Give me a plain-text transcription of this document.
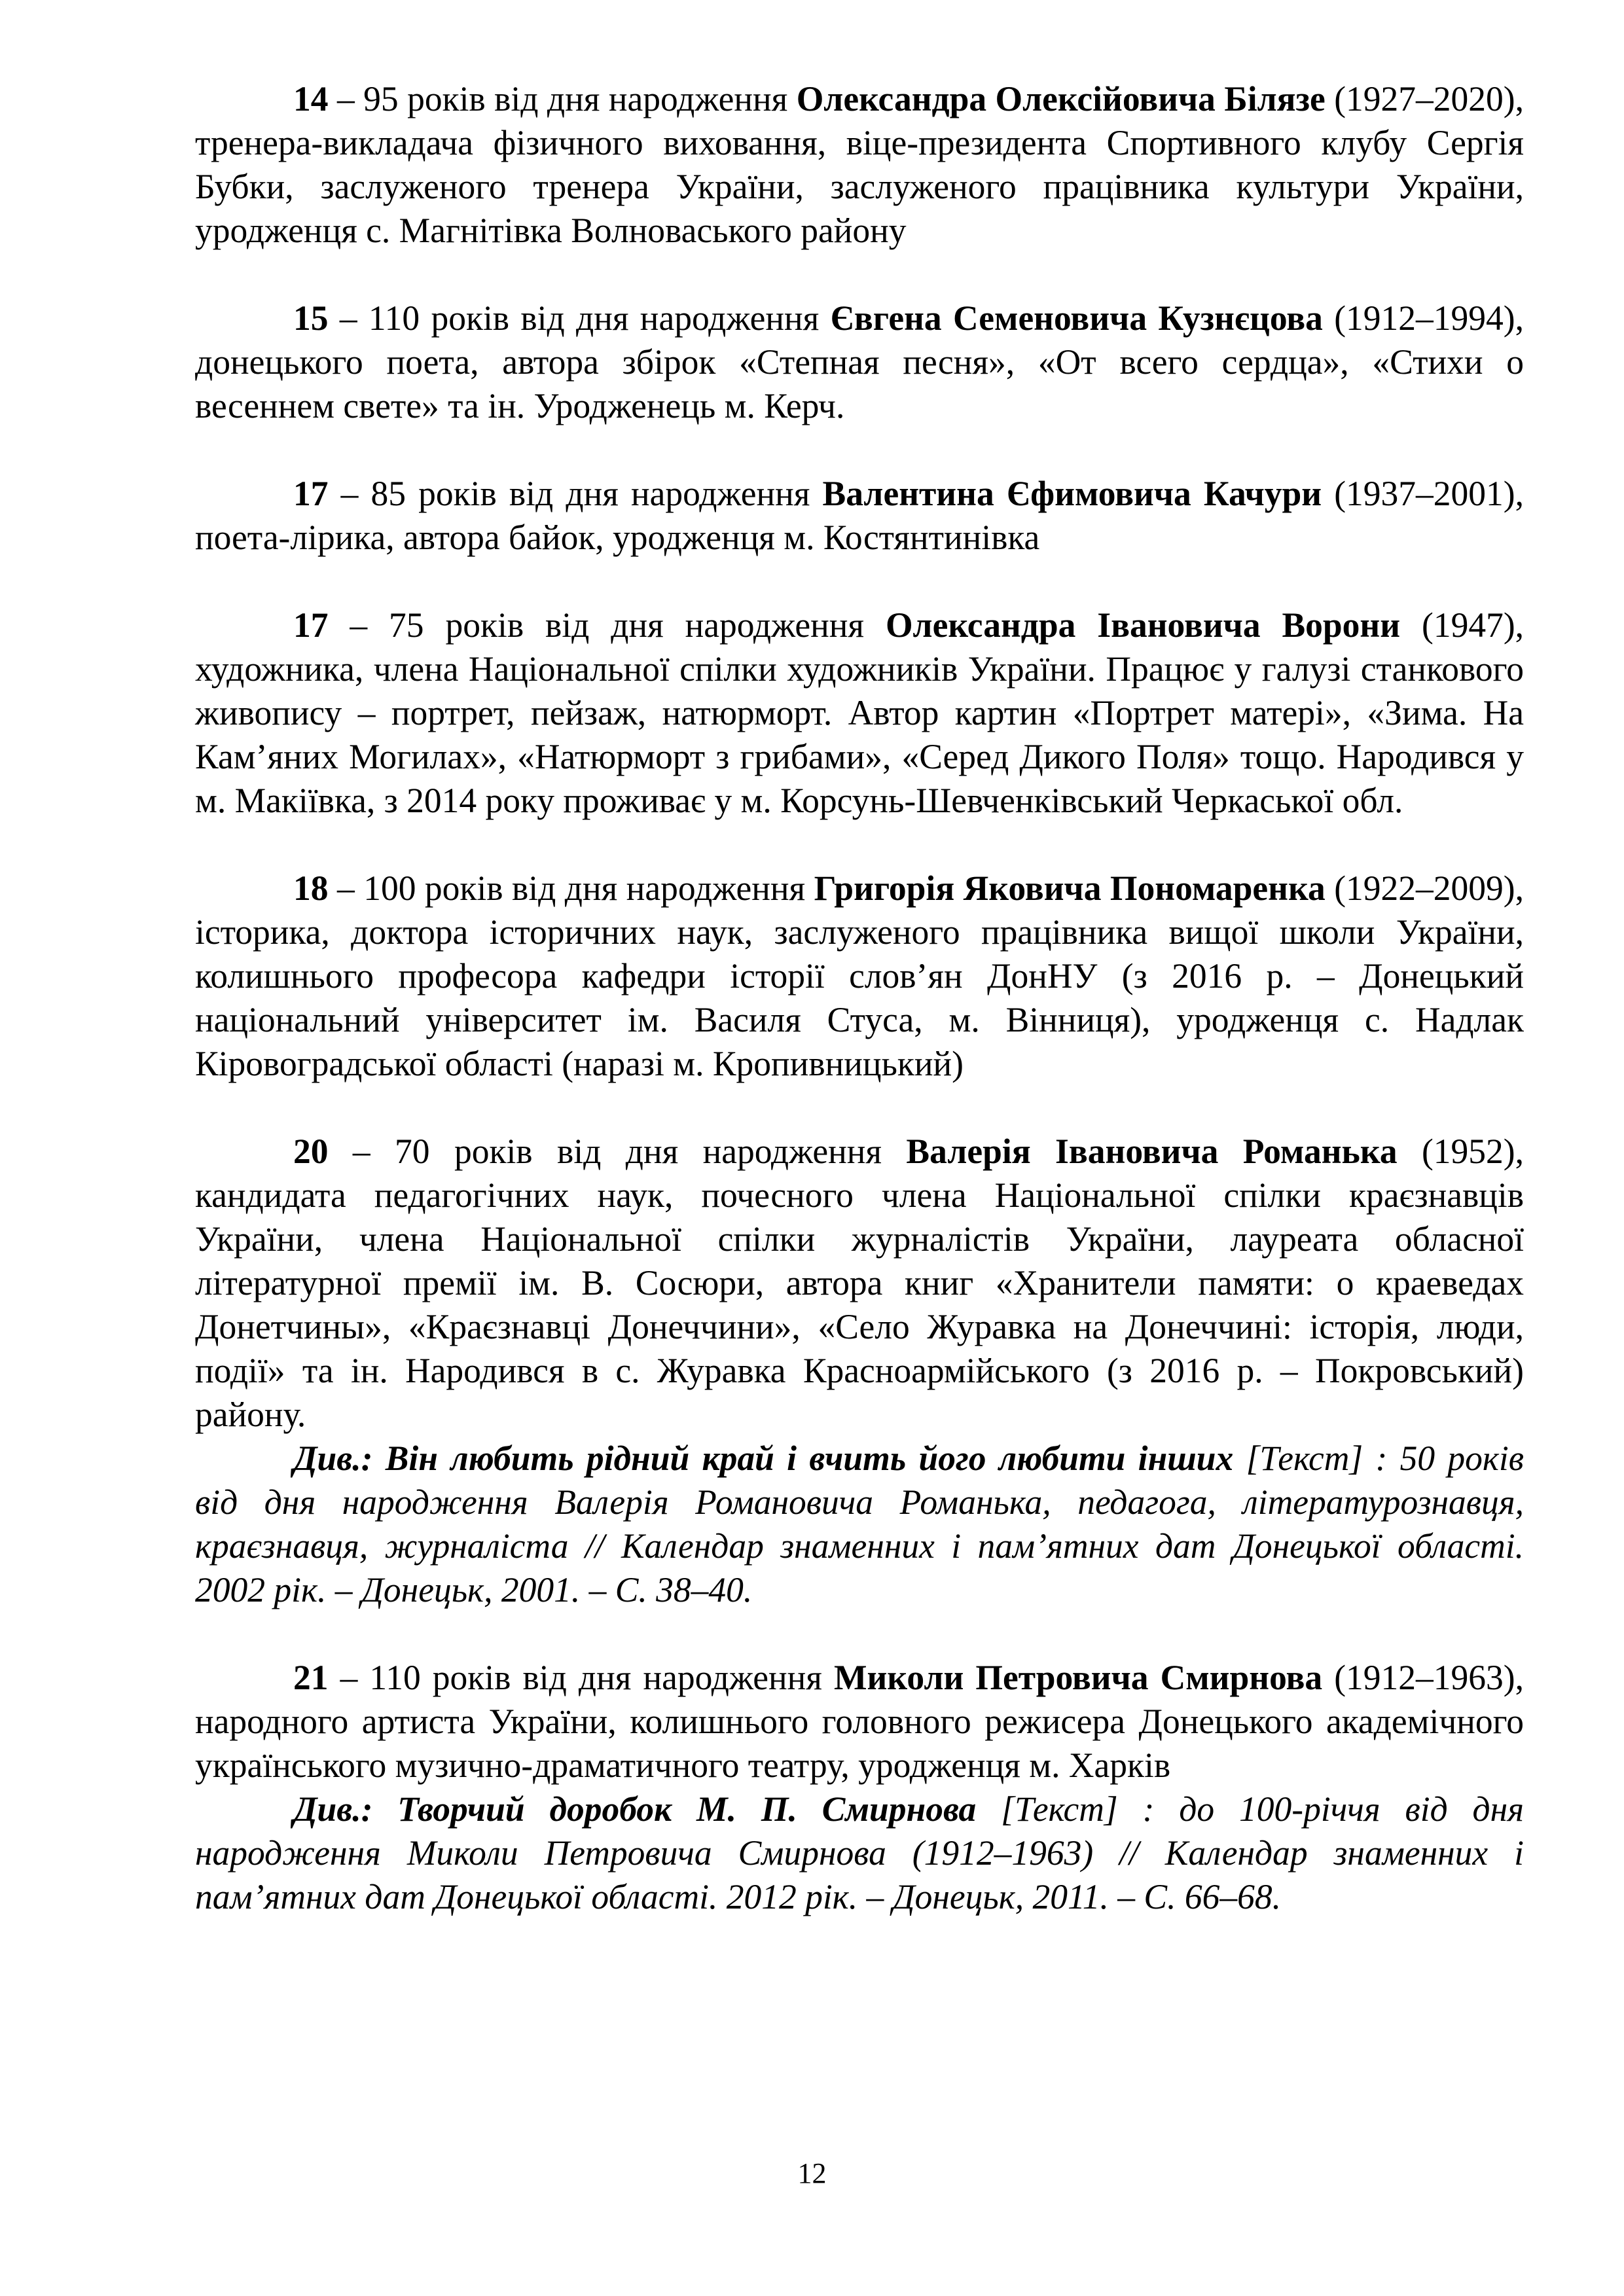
14 – 95 років від дня народження Олександра Олексійовича Білязе (1927–2020), тренера-викладача фізичного виховання, віце-президента Спортивного клубу Сергія Бубки, заслуженого тренера України, заслуженого працівника культури України, уродженця с. Магнітівка Волноваського району

15 – 110 років від дня народження Євгена Семеновича Кузнєцова (1912–1994), донецького поета, автора збірок «Степная песня», «От всего сердца», «Стихи о весеннем свете» та ін. Уродженець м. Керч.

17 – 85 років від дня народження Валентина Єфимовича Качури (1937–2001), поета-лірика, автора байок, уродженця м. Костянтинівка

17 – 75 років від дня народження Олександра Івановича Ворони (1947), художника, члена Національної спілки художників України. Працює у галузі станкового живопису – портрет, пейзаж, натюрморт. Автор картин «Портрет матері», «Зима. На Кам’яних Могилах», «Натюрморт з грибами», «Серед Дикого Поля» тощо. Народився у м. Макіївка, з 2014 року проживає у м. Корсунь-Шевченківський Черкаської обл.

18 – 100 років від дня народження Григорія Яковича Пономаренка (1922–2009), історика, доктора історичних наук, заслуженого працівника вищої школи України, колишнього професора кафедри історії слов’ян ДонНУ (з 2016 р. – Донецький національний університет ім. Василя Стуса, м. Вінниця), уродженця с. Надлак Кіровоградської області (наразі м. Кропивницький)

20 – 70 років від дня народження Валерія Івановича Романька (1952), кандидата педагогічних наук, почесного члена Національної спілки краєзнавців України, члена Національної спілки журналістів України, лауреата обласної літературної премії ім. В. Сосюри, автора книг «Хранители памяти: о краеведах Донетчины», «Краєзнавці Донеччини», «Село Журавка на Донеччині: історія, люди, події» та ін. Народився в с. Журавка Красноармійського (з 2016 р. – Покровський) району.

Див.: Він любить рідний край і вчить його любити інших [Текст] : 50 років від дня народження Валерія Романовича Романька, педагога, літературознавця, краєзнавця, журналіста // Календар знаменних і пам’ятних дат Донецької області. 2002 рік. – Донецьк, 2001. – С. 38–40.

21 – 110 років від дня народження Миколи Петровича Смирнова (1912–1963), народного артиста України, колишнього головного режисера Донецького академічного українського музично-драматичного театру, уродженця м. Харків

Див.: Творчий доробок М. П. Смирнова [Текст] : до 100-річчя від дня народження Миколи Петровича Смирнова (1912–1963) // Календар знаменних і пам’ятних дат Донецької області. 2012 рік. – Донецьк, 2011. – С. 66–68.

12
